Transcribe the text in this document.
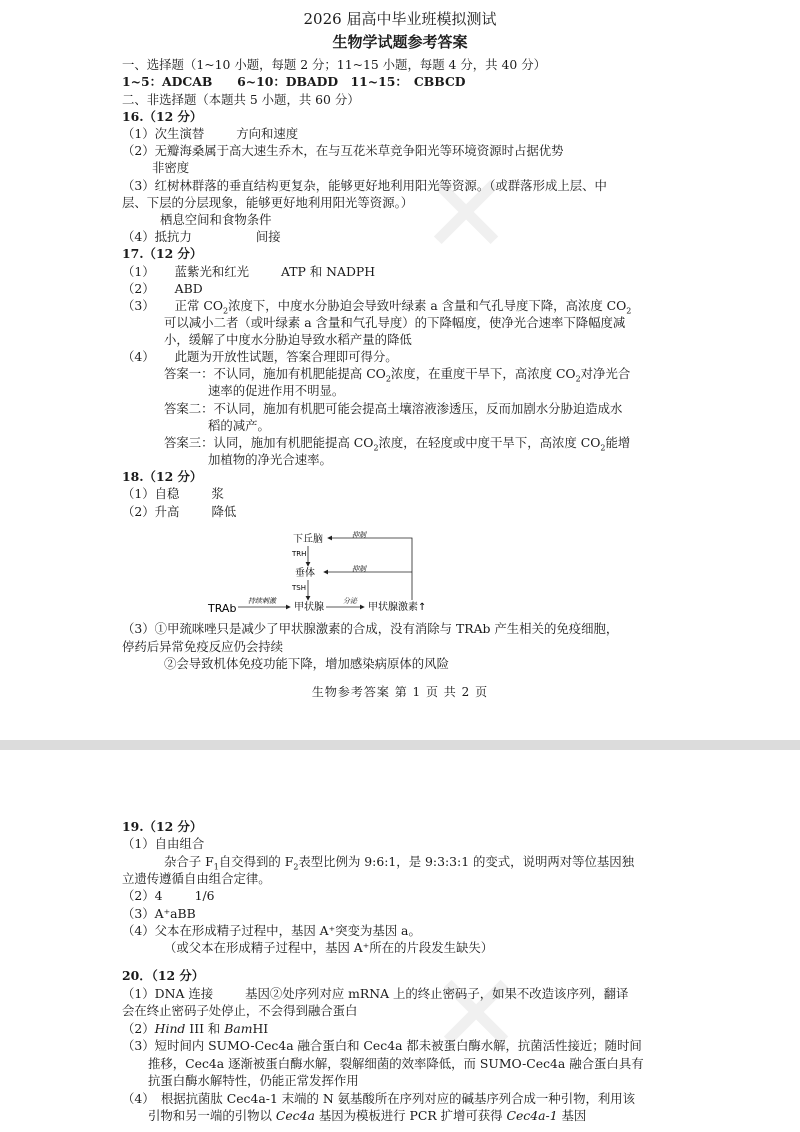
✕
2026 届高中毕业班模拟测试
生物学试题参考答案
一、选择题（1~10 小题，每题 2 分；11~15 小题，每题 4 分，共 40 分）
1~5：ADCAB　　6~10：DBADD　11~15：　CBBCD
二、非选择题（本题共 5 小题，共 60 分）
16.（12 分）
（1）次生演替	方向和速度
（2）无瓣海桑属于高大速生乔木，在与互花米草竞争阳光等环境资源时占据优势
非密度
（3）红树林群落的垂直结构更复杂，能够更好地利用阳光等资源。（或群落形成上层、中
层、下层的分层现象，能够更好地利用阳光等资源。）
栖息空间和食物条件
（4）抵抗力	间接
17.（12 分）
（1） 蓝紫光和红光	ATP 和 NADPH
（2） ABD
（3） 正常 $CO_2$浓度下，中度水分胁迫会导致叶绿素 a 含量和气孔导度下降，高浓度 $CO_2$
可以减小二者（或叶绿素 a 含量和气孔导度）的下降幅度，使净光合速率下降幅度减
小，缓解了中度水分胁迫导致水稻产量的降低
（4） 此题为开放性试题，答案合理即可得分。
答案一：不认同，施加有机肥能提高 $CO_2$浓度，在重度干旱下，高浓度 $CO_2$对净光合
速率的促进作用不明显。
答案二：不认同，施加有机肥可能会提高土壤溶液渗透压，反而加剧水分胁迫造成水
稻的减产。
答案三：认同，施加有机肥能提高 $CO_2$浓度，在轻度或中度干旱下，高浓度 $CO_2$能增
加植物的净光合速率。
18.（12 分）
（1）自稳	浆
（2）升高	降低
下丘脑
垂体
甲状腺	甲状腺激素↑
TRAb
TRH
TSH
抑制
抑制
持续刺激	分泌
（3）①甲巯咪唑只是减少了甲状腺激素的合成，没有消除与 TRAb 产生相关的免疫细胞，
停药后异常免疫反应仍会持续
②会导致机体免疫功能下降，增加感染病原体的风险
生物参考答案 第 1 页 共 2 页
✕
19.（12 分）
（1）自由组合
杂合子 $F_1$自交得到的 $F_2$表型比例为 9:6:1，是 9:3:3:1 的变式，说明两对等位基因独
立遗传遵循自由组合定律。
（2）4	1/6
（3）A⁺aBB
（4）父本在形成精子过程中，基因 A⁺突变为基因 a。
（或父本在形成精子过程中，基因 A⁺所在的片段发生缺失）
20．（12 分）
（1）DNA 连接	基因②处序列对应 mRNA 上的终止密码子，如果不改造该序列，翻译
会在终止密码子处停止，不会得到融合蛋白
（2）Hind III 和 BamHI
（3）短时间内 SUMO-Cec4a 融合蛋白和 Cec4a 都未被蛋白酶水解，抗菌活性接近；随时间
推移，Cec4a 逐渐被蛋白酶水解，裂解细菌的效率降低，而 SUMO-Cec4a 融合蛋白具有
抗蛋白酶水解特性，仍能正常发挥作用
（4）　根据抗菌肽 Cec4a-1 末端的 N 氨基酸所在序列对应的碱基序列合成一种引物，利用该
引物和另一端的引物以 Cec4a 基因为模板进行 PCR 扩增可获得 Cec4a-1 基因
